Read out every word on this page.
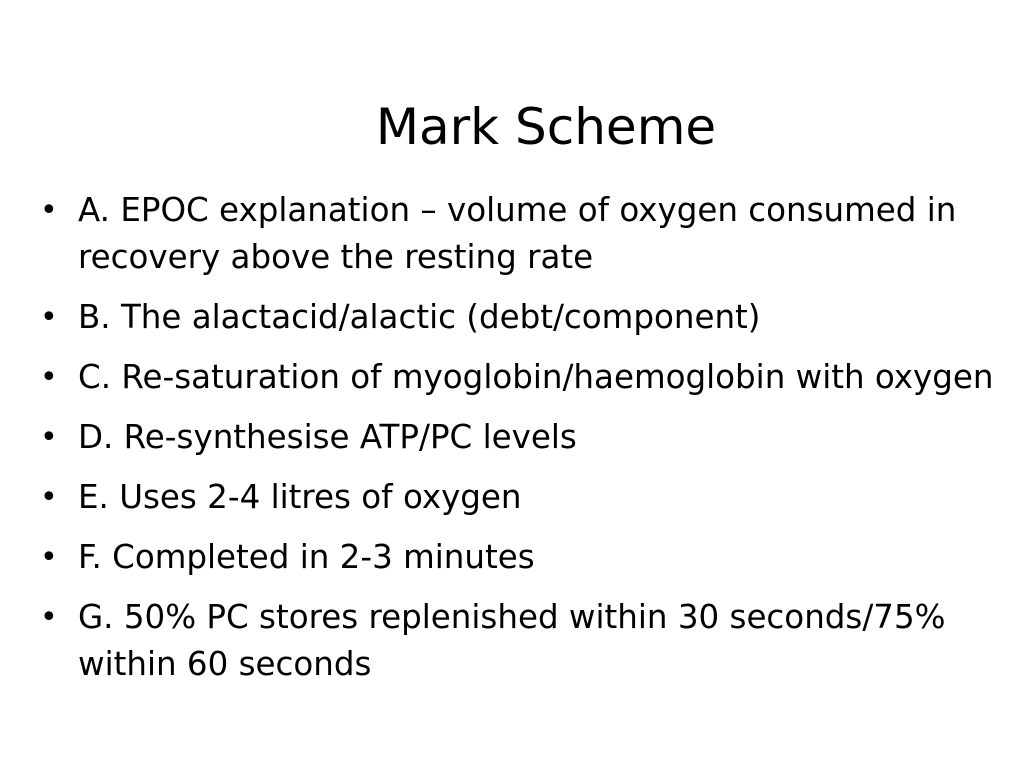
Mark Scheme
• A. EPOC explanation – volume of oxygen consumed in recovery above the resting rate
• B. The alactacid/alactic (debt/component)
• C. Re-saturation of myoglobin/haemoglobin with oxygen
• D. Re-synthesise ATP/PC levels
• E. Uses 2-4 litres of oxygen
• F. Completed in 2-3 minutes
• G. 50% PC stores replenished within 30 seconds/75% within 60 seconds
